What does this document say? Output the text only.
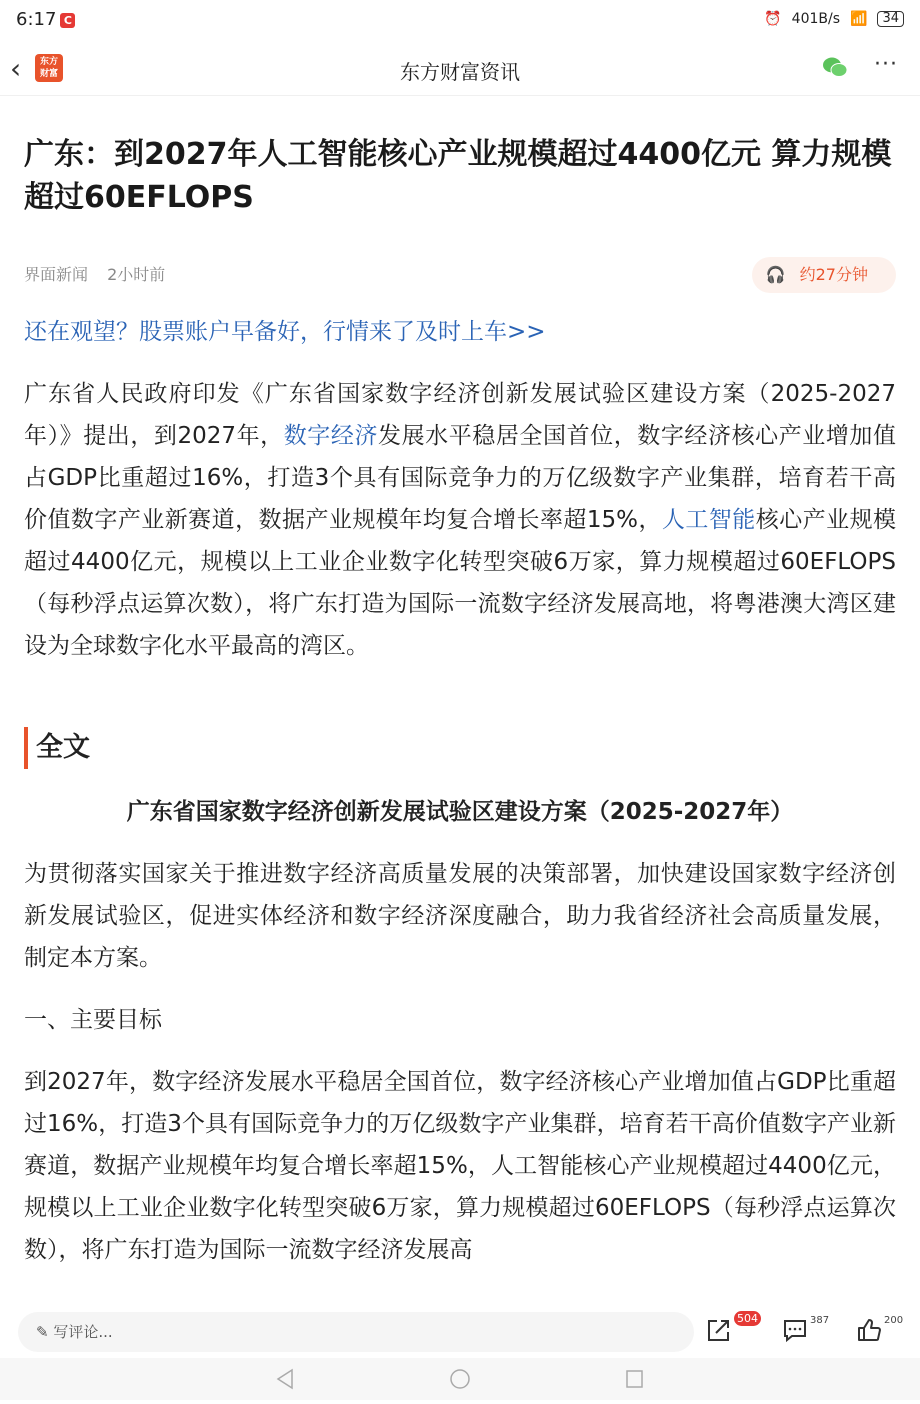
6:17 C	⏰ 401B/s 📶	34
‹	东方
财富	东方财富资讯	···
广东：到2027年人工智能核心产业规模超过4400亿元 算力规模超过60EFLOPS
界面新闻 2小时前	🎧 约27分钟
还在观望？股票账户早备好，行情来了及时上车>>

广东省人民政府印发《广东省国家数字经济创新发展试验区建设方案（2025-2027年）》提出，到2027年，数字经济发展水平稳居全国首位，数字经济核心产业增加值占GDP比重超过16%，打造3个具有国际竞争力的万亿级数字产业集群，培育若干高价值数字产业新赛道，数据产业规模年均复合增长率超15%，人工智能核心产业规模超过4400亿元，规模以上工业企业数字化转型突破6万家，算力规模超过60EFLOPS（每秒浮点运算次数），将广东打造为国际一流数字经济发展高地，将粤港澳大湾区建设为全球数字化水平最高的湾区。

全文
广东省国家数字经济创新发展试验区建设方案（2025-2027年）

为贯彻落实国家关于推进数字经济高质量发展的决策部署，加快建设国家数字经济创新发展试验区，促进实体经济和数字经济深度融合，助力我省经济社会高质量发展，制定本方案。

一、主要目标

到2027年，数字经济发展水平稳居全国首位，数字经济核心产业增加值占GDP比重超过16%，打造3个具有国际竞争力的万亿级数字产业集群，培育若干高价值数字产业新赛道，数据产业规模年均复合增长率超15%，人工智能核心产业规模超过4400亿元，规模以上工业企业数字化转型突破6万家，算力规模超过60EFLOPS（每秒浮点运算次数），将广东打造为国际一流数字经济发展高

✎ 写评论...
504	387	200
